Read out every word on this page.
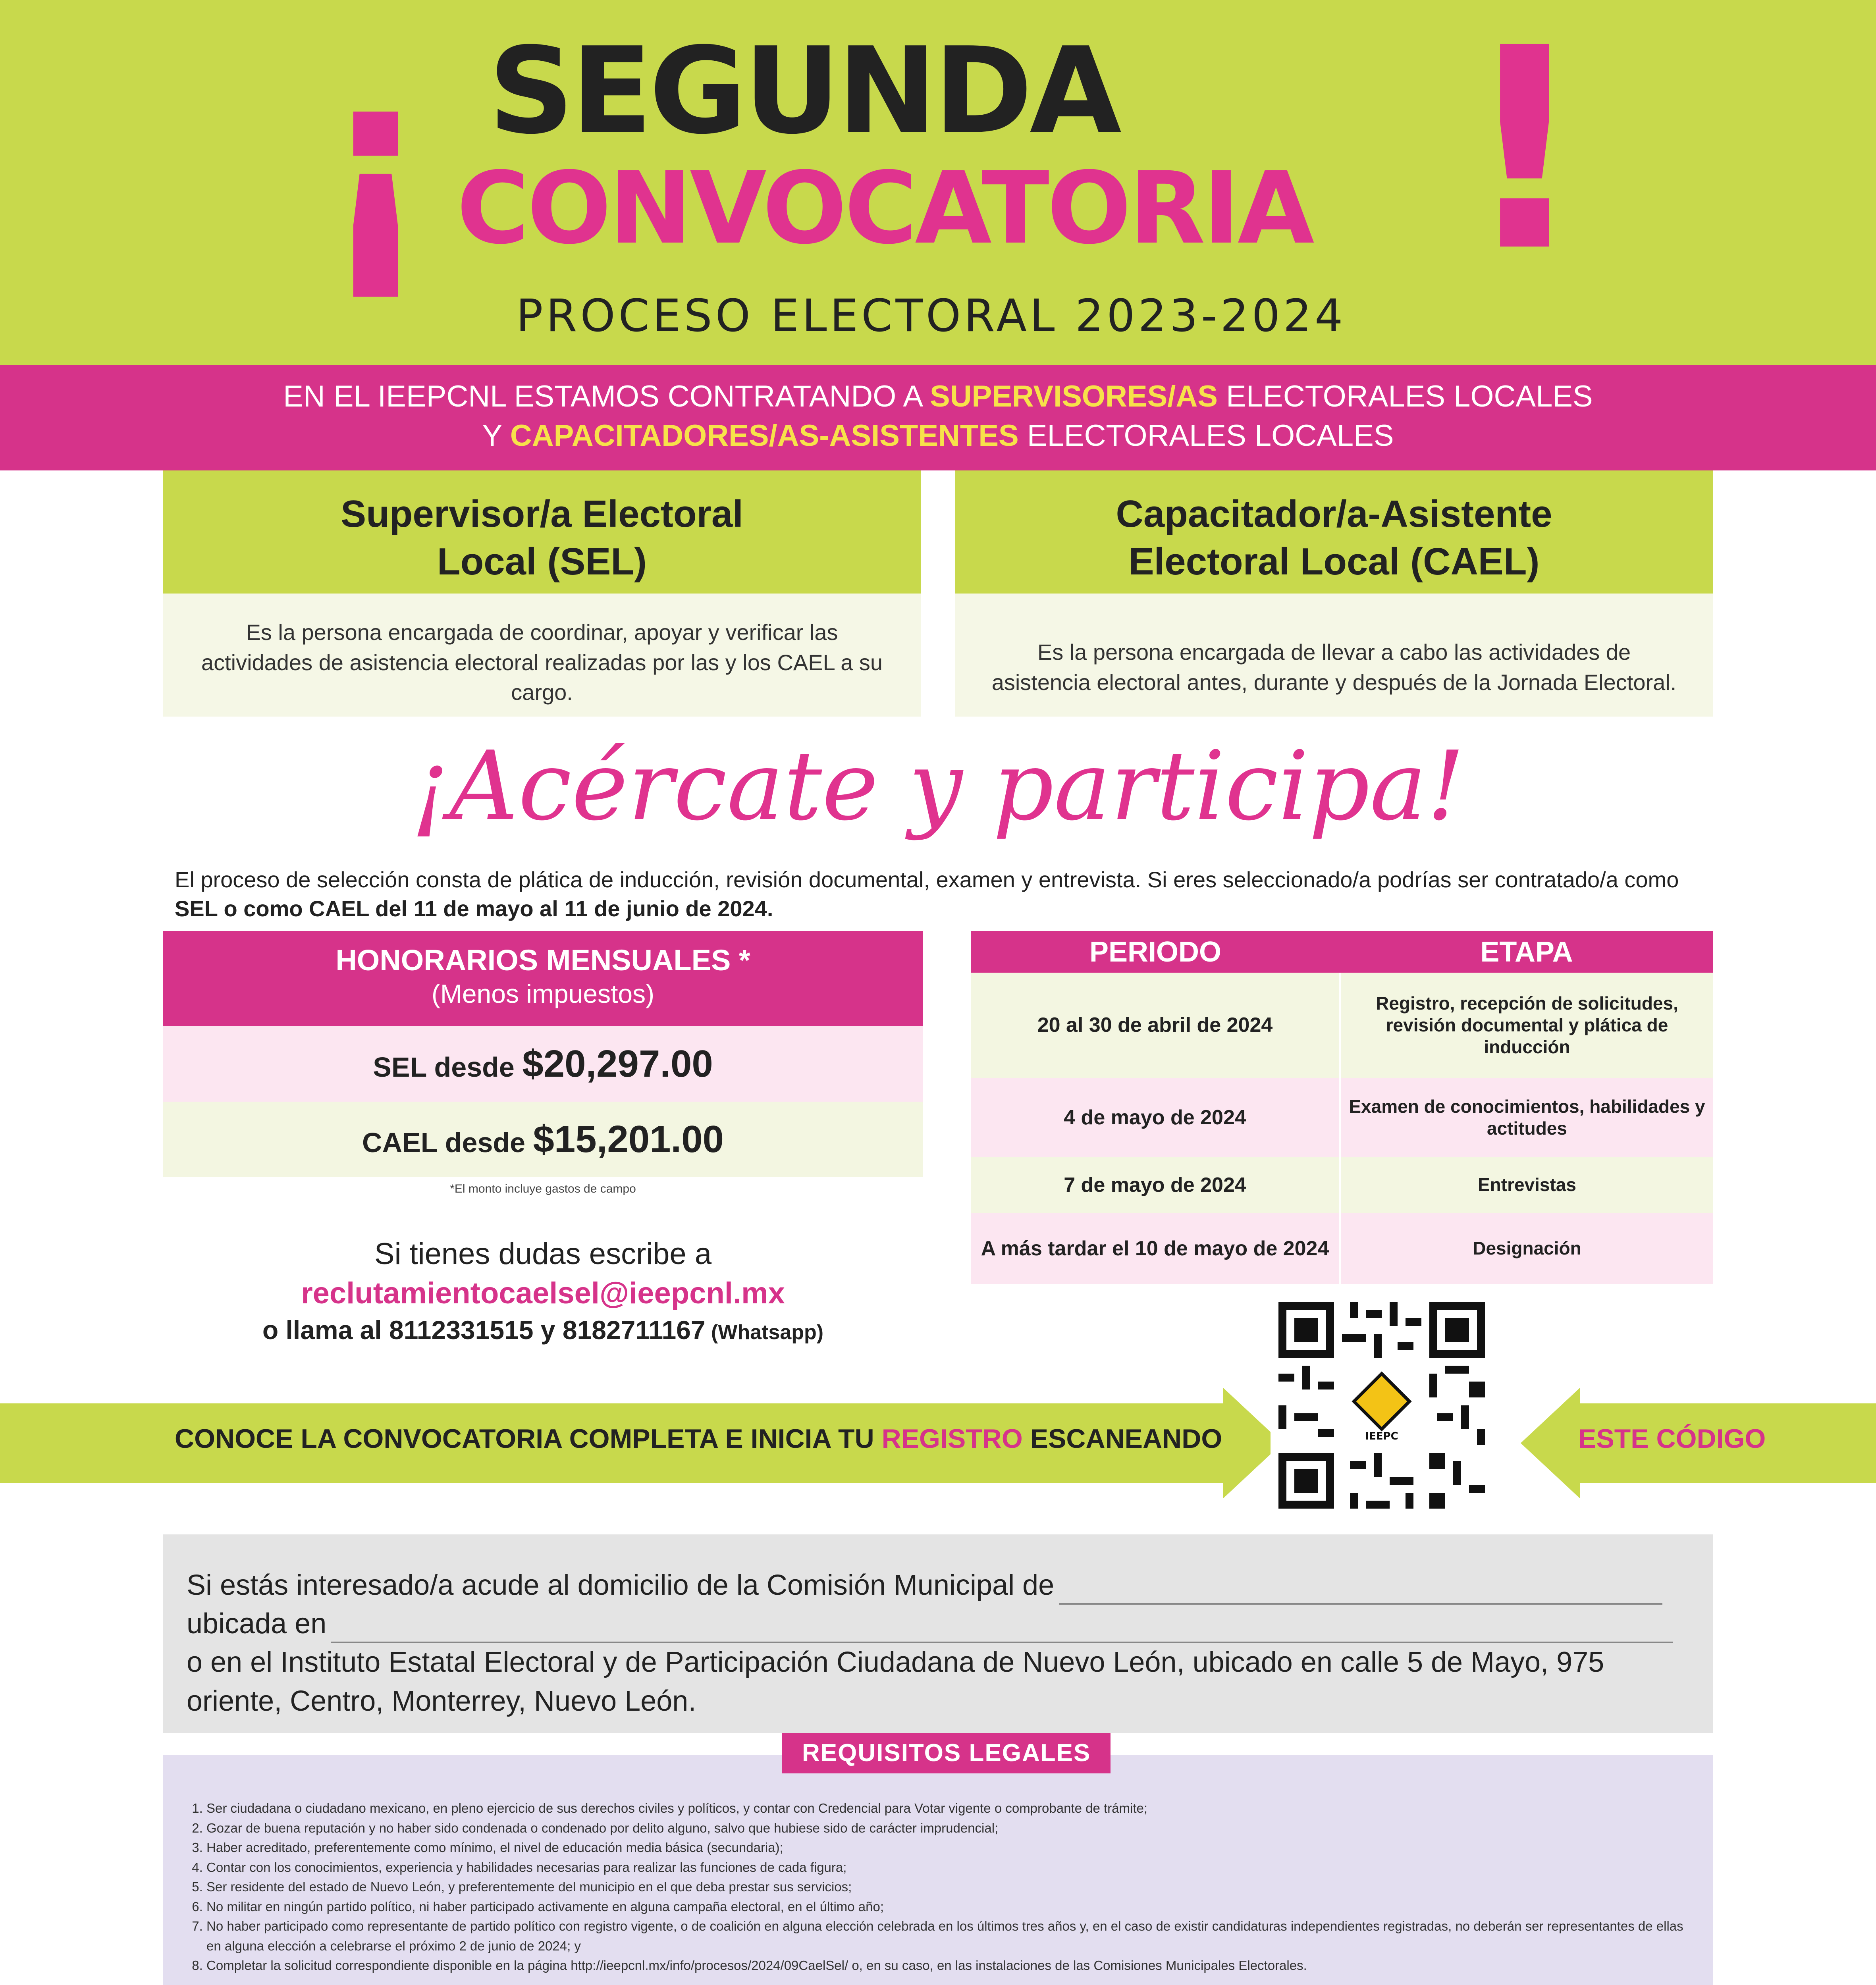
¡ SEGUNDA
CONVOCATORIA !
PROCESO ELECTORAL 2023-2024
EN EL IEEPCNL ESTAMOS CONTRATANDO A SUPERVISORES/AS ELECTORALES LOCALES
Y CAPACITADORES/AS-ASISTENTES ELECTORALES LOCALES
Supervisor/a Electoral
Local (SEL)
Es la persona encargada de coordinar, apoyar y verificar las actividades de asistencia electoral realizadas por las y los CAEL a su cargo.
Capacitador/a-Asistente
Electoral Local (CAEL)
Es la persona encargada de llevar a cabo las actividades de asistencia electoral antes, durante y después de la Jornada Electoral.
¡Acércate y participa!
El proceso de selección consta de plática de inducción, revisión documental, examen y entrevista. Si eres seleccionado/a podrías ser contratado/a como SEL o como CAEL del 11 de mayo al 11 de junio de 2024.
HONORARIOS MENSUALES *
(Menos impuestos)
SEL desde $20,297.00
CAEL desde $15,201.00
*El monto incluye gastos de campo
Si tienes dudas escribe a
reclutamientocaelsel@ieepcnl.mx
o llama al 8112331515 y 8182711167 (Whatsapp)
PERIODO	ETAPA
20 al 30 de abril de 2024	Registro, recepción de solicitudes, revisión documental y plática de inducción
4 de mayo de 2024	Examen de conocimientos, habilidades y actitudes
7 de mayo de 2024	Entrevistas
A más tardar el 10 de mayo de 2024	Designación
CONOCE LA CONVOCATORIA COMPLETA E INICIA TU REGISTRO ESCANEANDO	ESTE CÓDIGO
IEEPC
Si estás interesado/a acude al domicilio de la Comisión Municipal de
ubicada en
o en el Instituto Estatal Electoral y de Participación Ciudadana de Nuevo León, ubicado en calle 5 de Mayo, 975 oriente, Centro, Monterrey, Nuevo León.
1. Ser ciudadana o ciudadano mexicano, en pleno ejercicio de sus derechos civiles y políticos, y contar con Credencial para Votar vigente o comprobante de trámite;
2. Gozar de buena reputación y no haber sido condenada o condenado por delito alguno, salvo que hubiese sido de carácter imprudencial;
3. Haber acreditado, preferentemente como mínimo, el nivel de educación media básica (secundaria);
4. Contar con los conocimientos, experiencia y habilidades necesarias para realizar las funciones de cada figura;
5. Ser residente del estado de Nuevo León, y preferentemente del municipio en el que deba prestar sus servicios;
6. No militar en ningún partido político, ni haber participado activamente en alguna campaña electoral, en el último año;
7. No haber participado como representante de partido político con registro vigente, o de coalición en alguna elección celebrada en los últimos tres años y, en el caso de existir candidaturas independientes registradas, no deberán ser representantes de ellas en alguna elección a celebrarse el próximo 2 de junio de 2024; y
8. Completar la solicitud correspondiente disponible en la página http://ieepcnl.mx/info/procesos/2024/09CaelSel/ o, en su caso, en las instalaciones de las Comisiones Municipales Electorales.
REQUISITOS LEGALES
